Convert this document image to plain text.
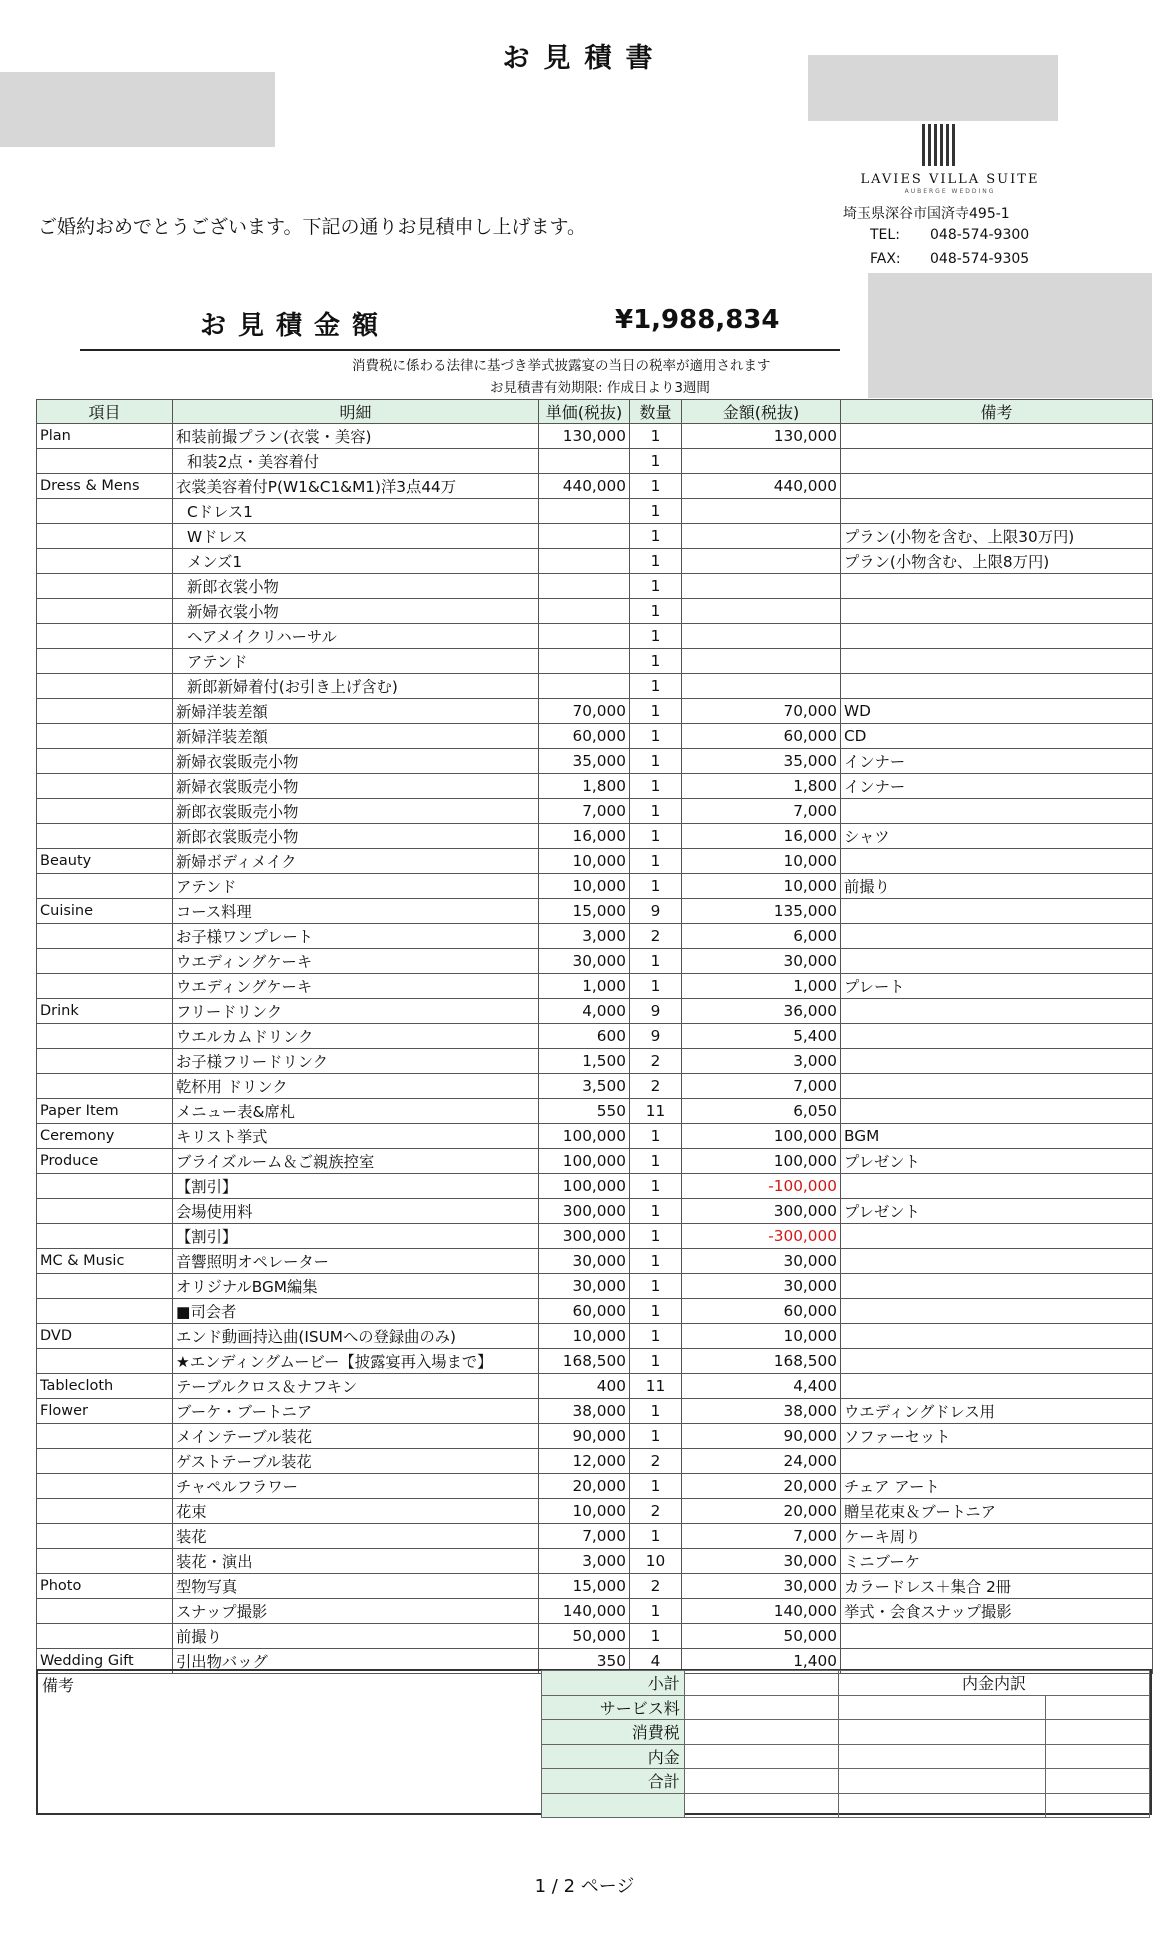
お見積書
ご婚約おめでとうございます。下記の通りお見積申し上げます。
LAVIES VILLA SUITE
AUBERGE WEDDING
埼玉県深谷市国済寺495-1
TEL: 048-574-9300
FAX: 048-574-9305
お見積金額	¥1,988,834
消費税に係わる法律に基づき挙式披露宴の当日の税率が適用されます
お見積書有効期限: 作成日より3週間
項目	明細	単価(税抜)	数量	金額(税抜)	備考
Plan	和装前撮プラン(衣裳・美容)	130,000	1	130,000	
	和装2点・美容着付		1		
Dress & Mens	衣裳美容着付P(W1&C1&M1)洋3点44万	440,000	1	440,000	
	Cドレス1		1		
	Wドレス		1		プラン(小物を含む、上限30万円)
	メンズ1		1		プラン(小物含む、上限8万円)
	新郎衣裳小物		1		
	新婦衣裳小物		1		
	ヘアメイクリハーサル		1		
	アテンド		1		
	新郎新婦着付(お引き上げ含む)		1		
	新婦洋装差額	70,000	1	70,000	WD
	新婦洋装差額	60,000	1	60,000	CD
	新婦衣裳販売小物	35,000	1	35,000	インナー
	新婦衣裳販売小物	1,800	1	1,800	インナー
	新郎衣裳販売小物	7,000	1	7,000	
	新郎衣裳販売小物	16,000	1	16,000	シャツ
Beauty	新婦ボディメイク	10,000	1	10,000	
	アテンド	10,000	1	10,000	前撮り
Cuisine	コース料理	15,000	9	135,000	
	お子様ワンプレート	3,000	2	6,000	
	ウエディングケーキ	30,000	1	30,000	
	ウエディングケーキ	1,000	1	1,000	プレート
Drink	フリードリンク	4,000	9	36,000	
	ウエルカムドリンク	600	9	5,400	
	お子様フリードリンク	1,500	2	3,000	
	乾杯用 ドリンク	3,500	2	7,000	
Paper Item	メニュー表&席札	550	11	6,050	
Ceremony	キリスト挙式	100,000	1	100,000	BGM
Produce	ブライズルーム＆ご親族控室	100,000	1	100,000	プレゼント
	【割引】	100,000	1	-100,000	
	会場使用料	300,000	1	300,000	プレゼント
	【割引】	300,000	1	-300,000	
MC & Music	音響照明オペレーター	30,000	1	30,000	
	オリジナルBGM編集	30,000	1	30,000	
	■司会者	60,000	1	60,000	
DVD	エンド動画持込曲(ISUMへの登録曲のみ)	10,000	1	10,000	
	★エンディングムービー【披露宴再入場まで】	168,500	1	168,500	
Tablecloth	テーブルクロス＆ナフキン	400	11	4,400	
Flower	ブーケ・ブートニア	38,000	1	38,000	ウエディングドレス用
	メインテーブル装花	90,000	1	90,000	ソファーセット
	ゲストテーブル装花	12,000	2	24,000	
	チャペルフラワー	20,000	1	20,000	チェア アート
	花束	10,000	2	20,000	贈呈花束＆ブートニア
	装花	7,000	1	7,000	ケーキ周り
	装花・演出	3,000	10	30,000	ミニブーケ
Photo	型物写真	15,000	2	30,000	カラードレス＋集合 2冊
	スナップ撮影	140,000	1	140,000	挙式・会食スナップ撮影
	前撮り	50,000	1	50,000	
Wedding Gift	引出物バッグ	350	4	1,400	
備考	小計		内金内訳	
サービス料			
消費税			
内金			
合計			

1 / 2 ページ
